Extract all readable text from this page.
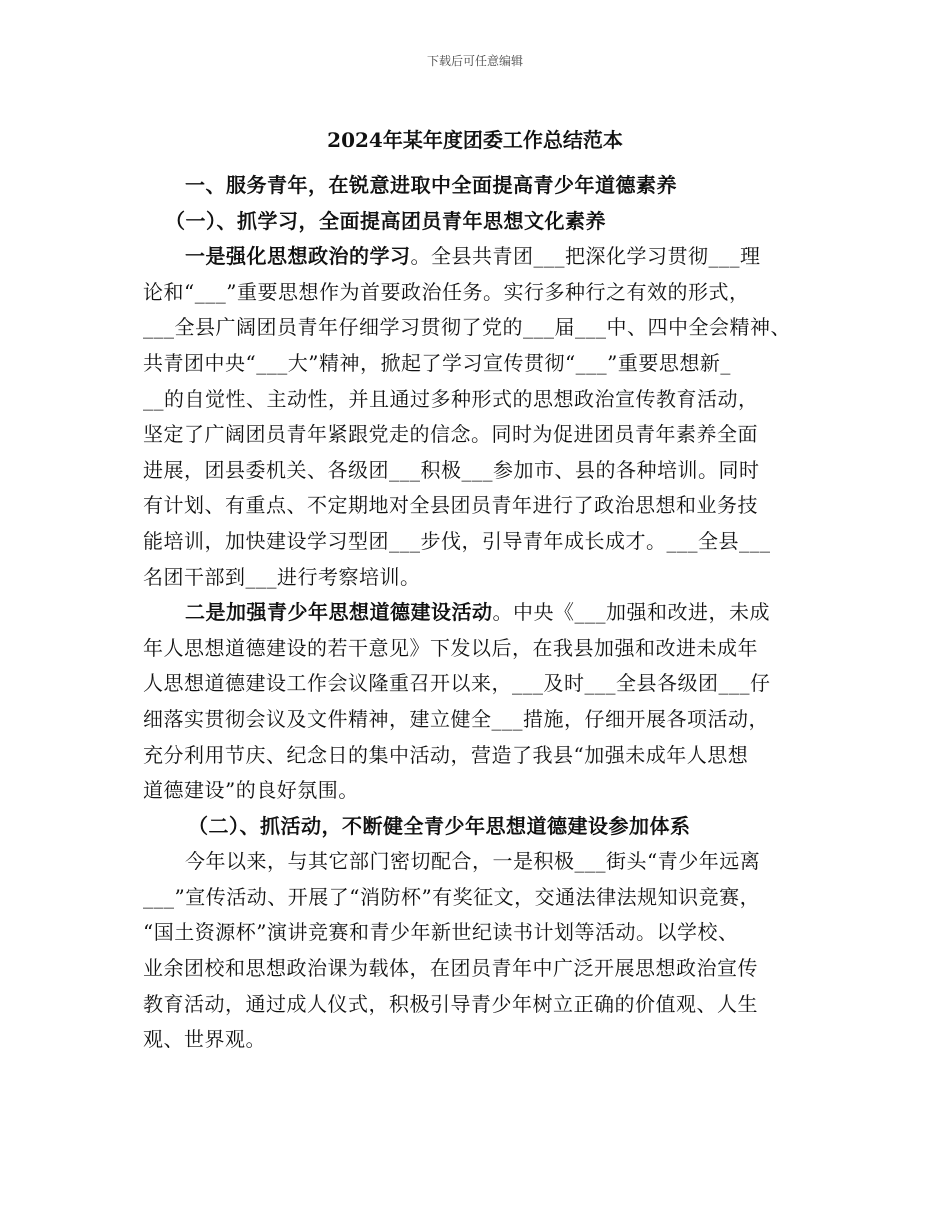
下载后可任意编辑
2024年某年度团委工作总结范本
一、服务青年，在锐意进取中全面提高青少年道德素养
（一）、抓学习，全面提高团员青年思想文化素养
一是强化思想政治的学习。全县共青团___把深化学习贯彻___理
论和“___”重要思想作为首要政治任务。实行多种行之有效的形式，
___全县广阔团员青年仔细学习贯彻了党的___届___中、四中全会精神、
共青团中央“___大”精神，掀起了学习宣传贯彻“___”重要思想新_
__的自觉性、主动性，并且通过多种形式的思想政治宣传教育活动，
坚定了广阔团员青年紧跟党走的信念。同时为促进团员青年素养全面
进展，团县委机关、各级团___积极___参加市、县的各种培训。同时
有计划、有重点、不定期地对全县团员青年进行了政治思想和业务技
能培训，加快建设学习型团___步伐，引导青年成长成才。___全县___
名团干部到___进行考察培训。
二是加强青少年思想道德建设活动。中央《___加强和改进，未成
年人思想道德建设的若干意见》下发以后，在我县加强和改进未成年
人思想道德建设工作会议隆重召开以来，___及时___全县各级团___仔
细落实贯彻会议及文件精神，建立健全___措施，仔细开展各项活动，
充分利用节庆、纪念日的集中活动，营造了我县“加强未成年人思想
道德建设”的良好氛围。
（二）、抓活动，不断健全青少年思想道德建设参加体系
今年以来，与其它部门密切配合，一是积极___街头“青少年远离
___”宣传活动、开展了“消防杯”有奖征文，交通法律法规知识竞赛，
“国土资源杯”演讲竞赛和青少年新世纪读书计划等活动。以学校、
业余团校和思想政治课为载体，在团员青年中广泛开展思想政治宣传
教育活动，通过成人仪式，积极引导青少年树立正确的价值观、人生
观、世界观。
